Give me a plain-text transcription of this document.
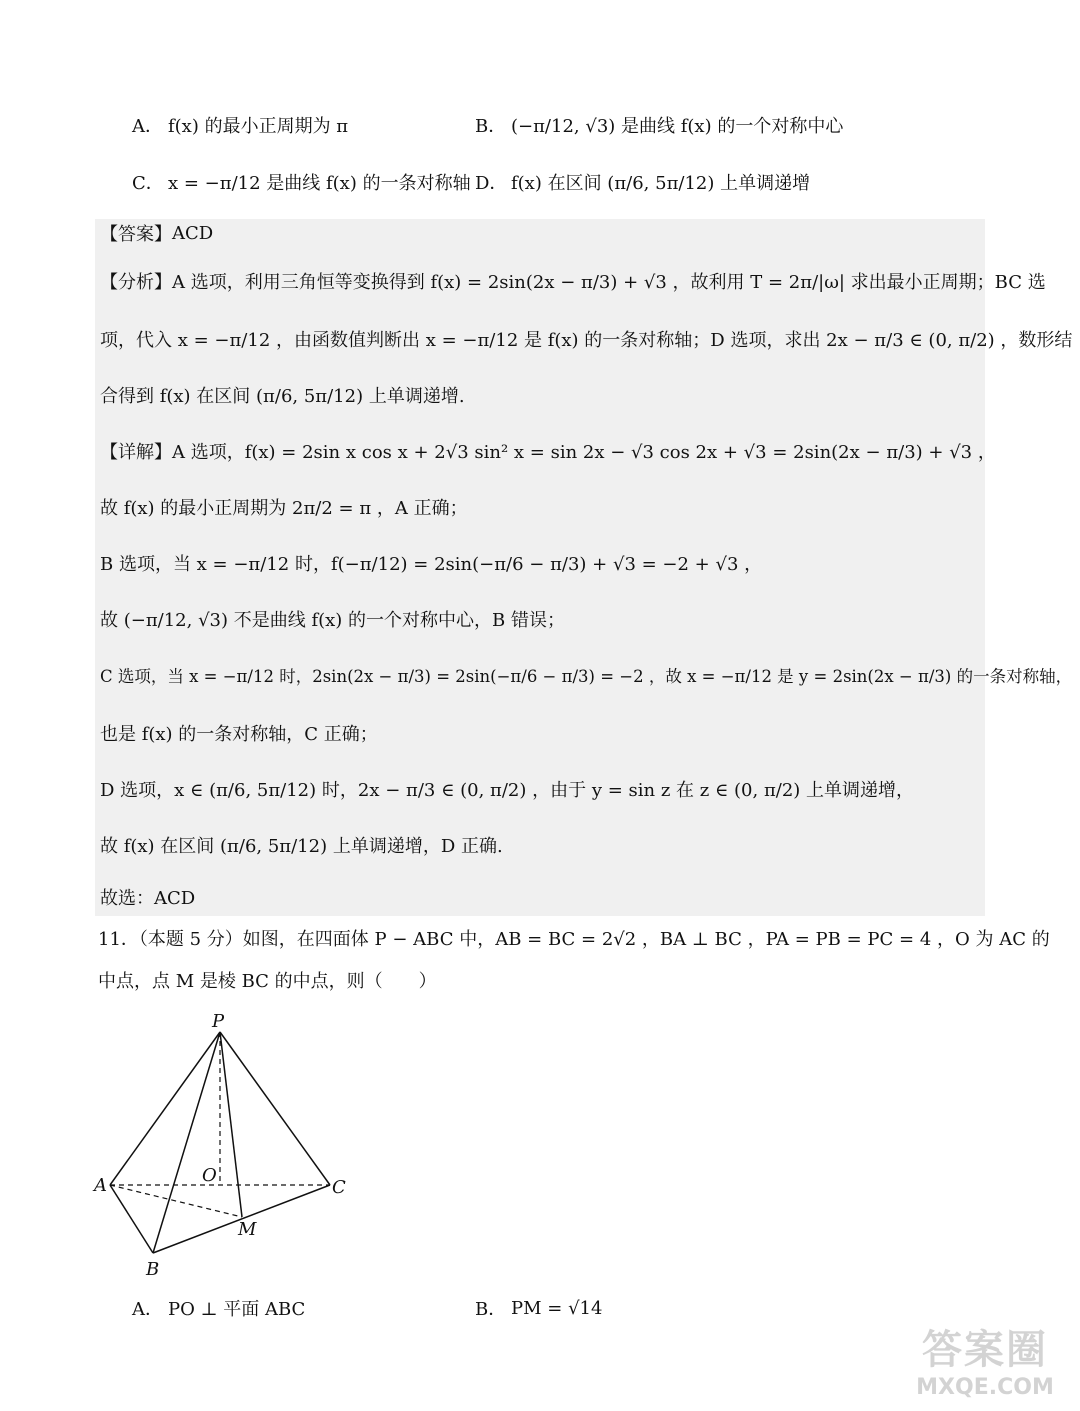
A． f(x) 的最小正周期为 π	B． (−π/12, √3) 是曲线 f(x) 的一个对称中心
C． x = −π/12 是曲线 f(x) 的一条对称轴 D． f(x) 在区间 (π/6, 5π/12) 上单调递增
【答案】 ACD
【分析】 A 选项，利用三角恒等变换得到 f(x) = 2sin(2x − π/3) + √3 ，故利用 T = 2π/|ω| 求出最小正周期；BC 选
项，代入 x = −π/12 ，由函数值判断出 x = −π/12 是 f(x) 的一条对称轴；D 选项，求出 2x − π/3 ∈ (0, π/2) ，数形结
合得到 f(x) 在区间 (π/6, 5π/12) 上单调递增.
【详解】 A 选项，f(x) = 2sin x cos x + 2√3 sin² x = sin 2x − √3 cos 2x + √3 = 2sin(2x − π/3) + √3 ，
故 f(x) 的最小正周期为 2π/2 = π ，A 正确；
B 选项，当 x = −π/12 时，f(−π/12) = 2sin(−π/6 − π/3) + √3 = −2 + √3 ，
故 (−π/12, √3) 不是曲线 f(x) 的一个对称中心，B 错误；
C 选项，当 x = −π/12 时，2sin(2x − π/3) = 2sin(−π/6 − π/3) = −2 ，故 x = −π/12 是 y = 2sin(2x − π/3) 的一条对称轴，
也是 f(x) 的一条对称轴，C 正确；
D 选项，x ∈ (π/6, 5π/12) 时，2x − π/3 ∈ (0, π/2) ，由于 y = sin z 在 z ∈ (0, π/2) 上单调递增，
故 f(x) 在区间 (π/6, 5π/12) 上单调递增，D 正确.
故选：ACD
11．（本题 5 分）如图，在四面体 P − ABC 中，AB = BC = 2√2 ，BA ⊥ BC ，PA = PB = PC = 4 ，O 为 AC 的
中点，点 M 是棱 BC 的中点，则（　　）
P
A
B
C
O
M
A． PO ⊥ 平面 ABC	B． PM = √14
答案圈
MXQE.COM
